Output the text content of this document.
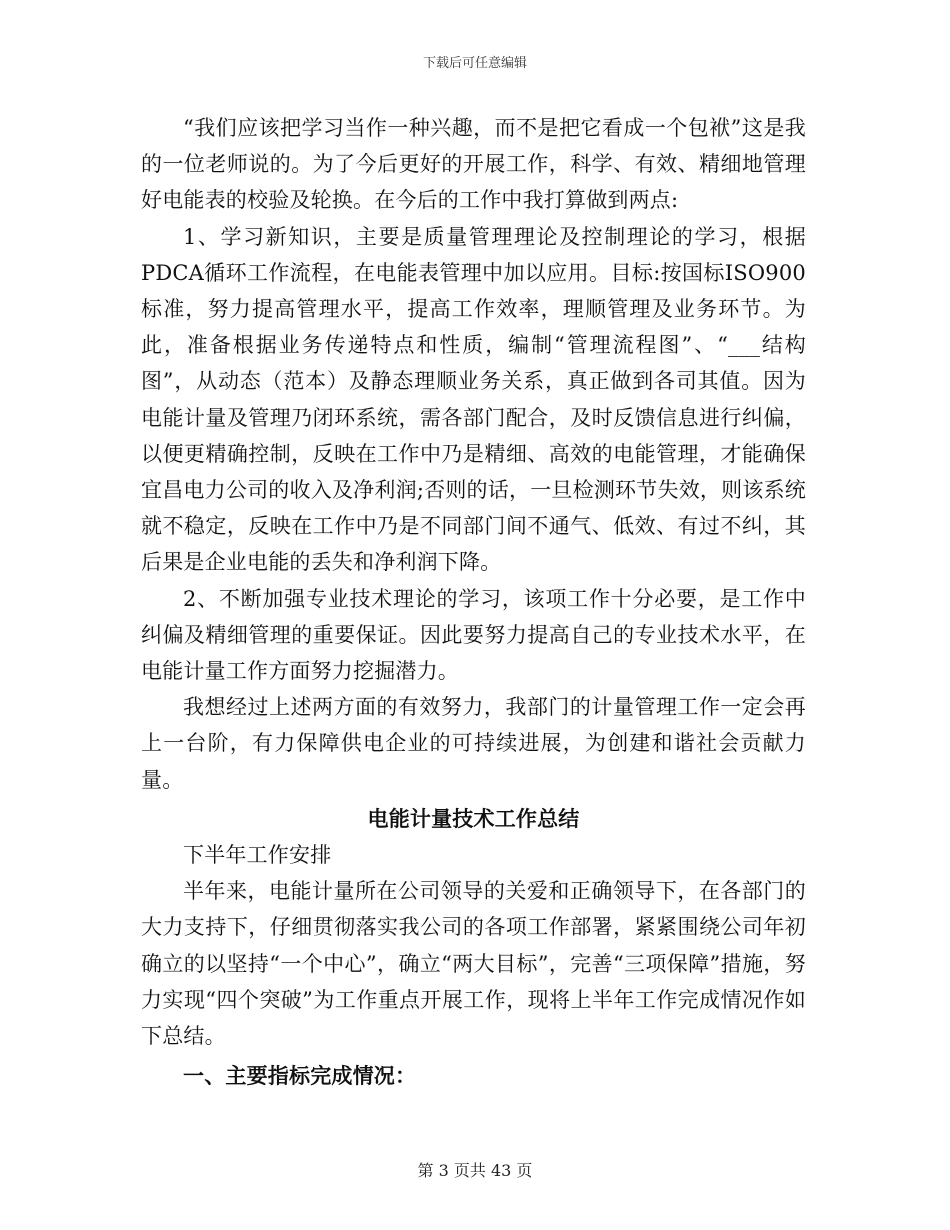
下载后可任意编辑

“我们应该把学习当作一种兴趣，而不是把它看成一个包袱”这是我的一位老师说的。为了今后更好的开展工作，科学、有效、精细地管理好电能表的校验及轮换。在今后的工作中我打算做到两点:

1、学习新知识，主要是质量管理理论及控制理论的学习，根据PDCA循环工作流程，在电能表管理中加以应用。目标:按国标ISO900标准，努力提高管理水平，提高工作效率，理顺管理及业务环节。为此，准备根据业务传递特点和性质，编制“管理流程图”、“___结构图”，从动态（范本）及静态理顺业务关系，真正做到各司其值。因为电能计量及管理乃闭环系统，需各部门配合，及时反馈信息进行纠偏，以便更精确控制，反映在工作中乃是精细、高效的电能管理，才能确保宜昌电力公司的收入及净利润;否则的话，一旦检测环节失效，则该系统就不稳定，反映在工作中乃是不同部门间不通气、低效、有过不纠，其后果是企业电能的丢失和净利润下降。

2、不断加强专业技术理论的学习，该项工作十分必要，是工作中纠偏及精细管理的重要保证。因此要努力提高自己的专业技术水平，在电能计量工作方面努力挖掘潜力。

我想经过上述两方面的有效努力，我部门的计量管理工作一定会再上一台阶，有力保障供电企业的可持续进展，为创建和谐社会贡献力量。

电能计量技术工作总结

下半年工作安排

半年来，电能计量所在公司领导的关爱和正确领导下，在各部门的大力支持下，仔细贯彻落实我公司的各项工作部署，紧紧围绕公司年初确立的以坚持“一个中心”，确立“两大目标”，完善“三项保障”措施，努力实现“四个突破”为工作重点开展工作，现将上半年工作完成情况作如下总结。

一、主要指标完成情况：

第 3 页共 43 页
